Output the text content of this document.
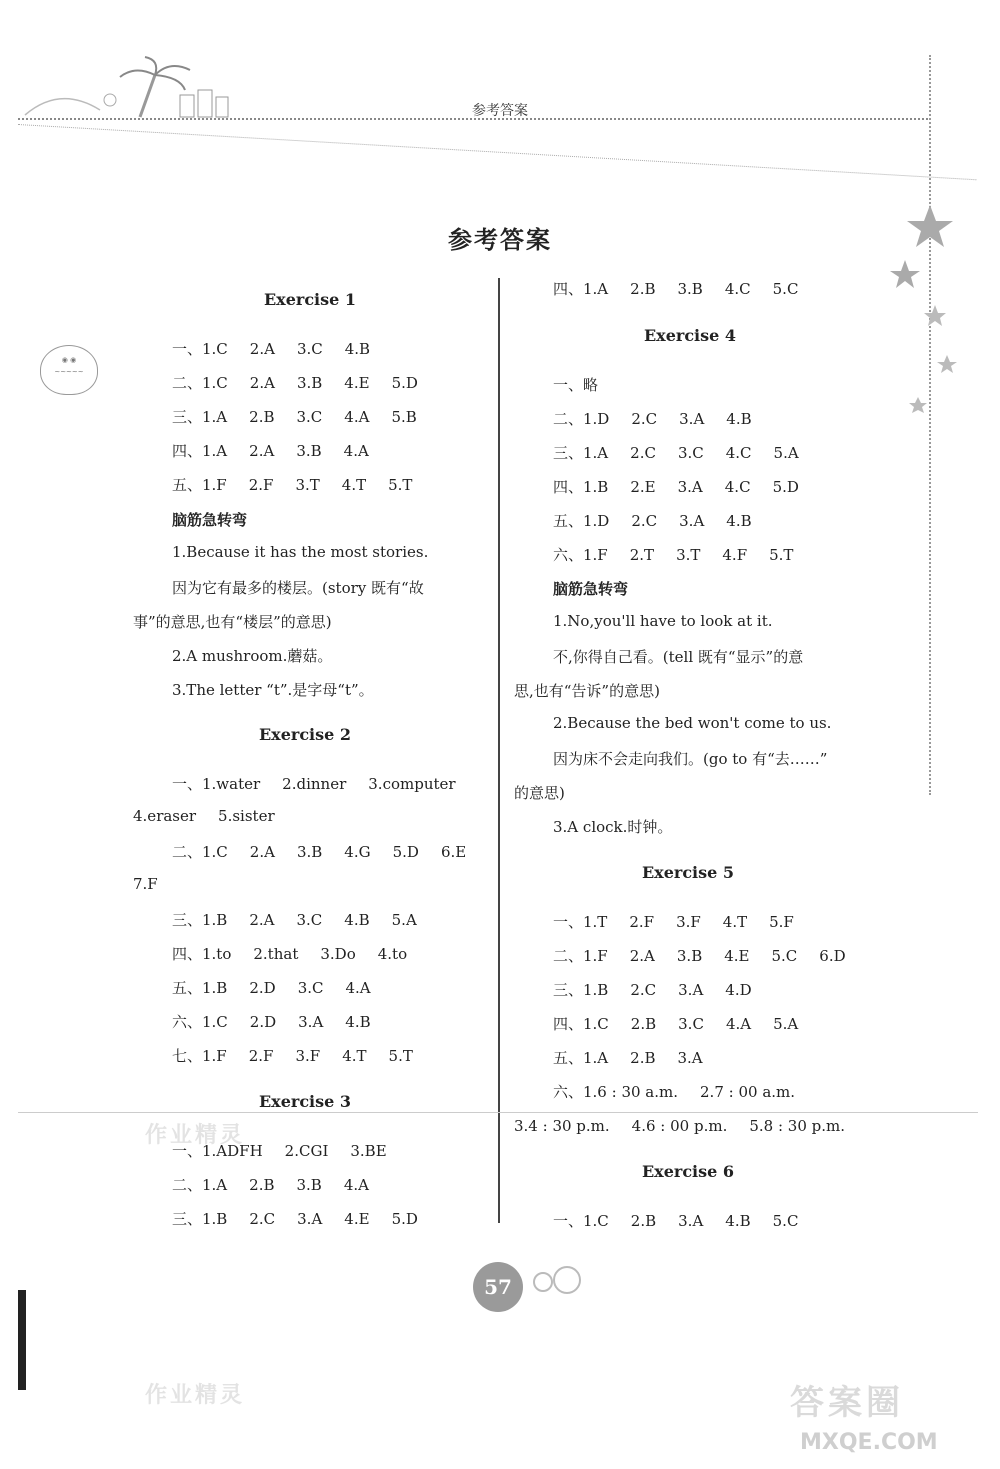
参考答案
◉ ◉
~~~~~
参考答案
Exercise 1
一、1.C 2.A 3.C 4.B
二、1.C 2.A 3.B 4.E 5.D
三、1.A 2.B 3.C 4.A 5.B
四、1.A 2.A 3.B 4.A
五、1.F 2.F 3.T 4.T 5.T
脑筋急转弯
1.Because it has the most stories.
因为它有最多的楼层。(story 既有“故
事”的意思,也有“楼层”的意思)
2.A mushroom.蘑菇。
3.The letter “t”.是字母“t”。
Exercise 2
一、1.water 2.dinner 3.computer
4.eraser 5.sister
二、1.C 2.A 3.B 4.G 5.D 6.E
7.F
三、1.B 2.A 3.C 4.B 5.A
四、1.to 2.that 3.Do 4.to
五、1.B 2.D 3.C 4.A
六、1.C 2.D 3.A 4.B
七、1.F 2.F 3.F 4.T 5.T
Exercise 3
一、1.ADFH 2.CGI 3.BE
二、1.A 2.B 3.B 4.A
三、1.B 2.C 3.A 4.E 5.D
四、1.A 2.B 3.B 4.C 5.C
Exercise 4
一、略
二、1.D 2.C 3.A 4.B
三、1.A 2.C 3.C 4.C 5.A
四、1.B 2.E 3.A 4.C 5.D
五、1.D 2.C 3.A 4.B
六、1.F 2.T 3.T 4.F 5.T
脑筋急转弯
1.No,you'll have to look at it.
不,你得自己看。(tell 既有“显示”的意
思,也有“告诉”的意思)
2.Because the bed won't come to us.
因为床不会走向我们。(go to 有“去……”
的意思)
3.A clock.时钟。
Exercise 5
一、1.T 2.F 3.F 4.T 5.F
二、1.F 2.A 3.B 4.E 5.C 6.D
三、1.B 2.C 3.A 4.D
四、1.C 2.B 3.C 4.A 5.A
五、1.A 2.B 3.A
六、1.6 : 30 a.m. 2.7 : 00 a.m.
3.4 : 30 p.m. 4.6 : 00 p.m. 5.8 : 30 p.m.
Exercise 6
一、1.C 2.B 3.A 4.B 5.C
作业精灵
作业精灵
57
答案圈
MXQE.COM
